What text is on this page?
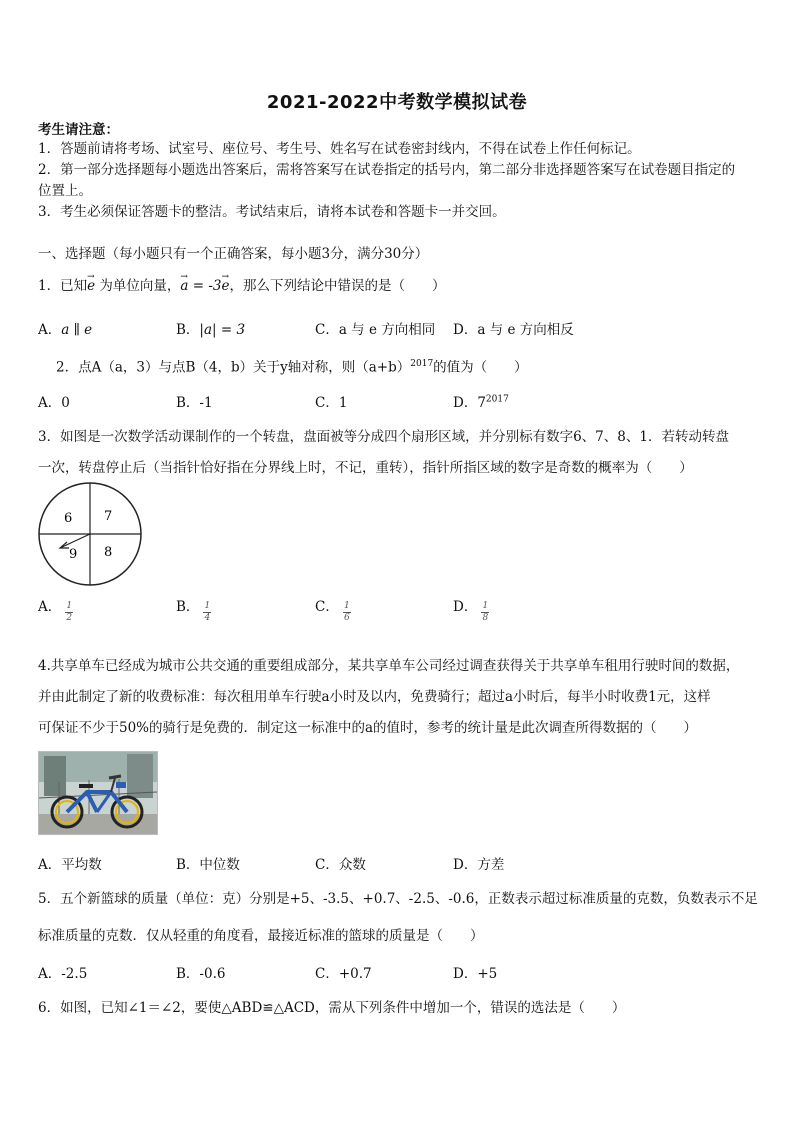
2021-2022中考数学模拟试卷
考生请注意：
1．答题前请将考场、试室号、座位号、考生号、姓名写在试卷密封线内，不得在试卷上作任何标记。
2．第一部分选择题每小题选出答案后，需将答案写在试卷指定的括号内，第二部分非选择题答案写在试卷题目指定的
位置上。
3．考生必须保证答题卡的整洁。考试结束后，请将本试卷和答题卡一并交回。
一、选择题（每小题只有一个正确答案，每小题3分，满分30分）
1．已知→ e 为单位向量，→ a = -3→ e，那么下列结论中错误的是（　　）
A．a ∥ e	B．|a| = 3	C．a 与 e 方向相同 D．a 与 e 方向相反
2．点A（a，3）与点B（4，b）关于y轴对称，则$(a+b)^{2017}$的值为（　　）
A．0	B．-1	C．1	D．$7^{2017}$
3．如图是一次数学活动课制作的一个转盘，盘面被等分成四个扇形区域，并分别标有数字6、7、8、1．若转动转盘
一次，转盘停止后（当指针恰好指在分界线上时，不记，重转），指针所指区域的数字是奇数的概率为（　　）
6 7
9 8
A． $\frac{1}{2}$	B． $\frac{1}{4}$	C． $\frac{1}{6}$	D． $\frac{1}{8}$
4.共享单车已经成为城市公共交通的重要组成部分，某共享单车公司经过调查获得关于共享单车租用行驶时间的数据，
并由此制定了新的收费标准：每次租用单车行驶a小时及以内，免费骑行；超过a小时后，每半小时收费1元，这样
可保证不少于50%的骑行是免费的．制定这一标准中的a的值时，参考的统计量是此次调查所得数据的（　　）
A．平均数	B．中位数	C．众数	D．方差
5．五个新篮球的质量（单位：克）分别是+5、-3.5、+0.7、-2.5、-0.6，正数表示超过标准质量的克数，负数表示不足
标准质量的克数．仅从轻重的角度看，最接近标准的篮球的质量是（　　）
A．-2.5	B．-0.6	C．+0.7	D．+5
6．如图，已知∠1＝∠2，要使△ABD≌△ACD，需从下列条件中增加一个，错误的选法是（　　）
